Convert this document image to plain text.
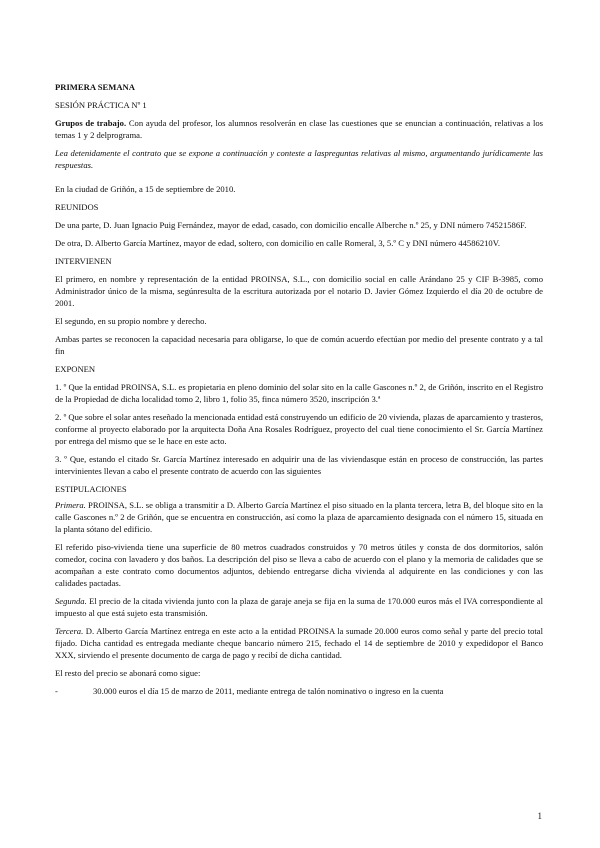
PRIMERA SEMANA

SESIÓN PRÁCTICA Nº 1

Grupos de trabajo. Con ayuda del profesor, los alumnos resolverán en clase las cuestiones que se enuncian a continuación, relativas a los temas 1 y 2 delprograma.

Lea detenidamente el contrato que se expone a continuación y conteste a laspreguntas relativas al mismo, argumentando jurídicamente las respuestas.

En la ciudad de Griñón, a 15 de septiembre de 2010.

REUNIDOS

De una parte, D. Juan Ignacio Puig Fernández, mayor de edad, casado, con domicilio encalle Alberche n.º 25, y DNI número 74521586F.

De otra, D. Alberto García Martínez, mayor de edad, soltero, con domicilio en calle Romeral, 3, 5.º C y DNI número 44586210V.

INTERVIENEN

El primero, en nombre y representación de la entidad PROINSA, S.L., con domicilio social en calle Arándano 25 y CIF B-3985, como Administrador único de la misma, segúnresulta de la escritura autorizada por el notario D. Javier Gómez Izquierdo el día 20 de octubre de 2001.

El segundo, en su propio nombre y derecho.

Ambas partes se reconocen la capacidad necesaria para obligarse, lo que de común acuerdo efectúan por medio del presente contrato y a tal fin

EXPONEN

1. º Que la entidad PROINSA, S.L. es propietaria en pleno dominio del solar sito en la calle Gascones n.º 2, de Griñón, inscrito en el Registro de la Propiedad de dicha localidad tomo 2, libro 1, folio 35, finca número 3520, inscripción 3.ª

2. º Que sobre el solar antes reseñado la mencionada entidad está construyendo un edificio de 20 vivienda, plazas de aparcamiento y trasteros, conforme al proyecto elaborado por la arquitecta Doña Ana Rosales Rodríguez, proyecto del cual tiene conocimiento el Sr. García Martínez por entrega del mismo que se le hace en este acto.

3. º Que, estando el citado Sr. García Martínez interesado en adquirir una de las viviendasque están en proceso de construcción, las partes intervinientes llevan a cabo el presente contrato de acuerdo con las siguientes

ESTIPULACIONES

Primera. PROINSA, S.L. se obliga a transmitir a D. Alberto García Martínez el piso situado en la planta tercera, letra B, del bloque sito en la calle Gascones n.º 2 de Griñón, que se encuentra en construcción, así como la plaza de aparcamiento designada con el número 15, situada en la planta sótano del edificio.

El referido piso-vivienda tiene una superficie de 80 metros cuadrados construidos y 70 metros útiles y consta de dos dormitorios, salón comedor, cocina con lavadero y dos baños. La descripción del piso se lleva a cabo de acuerdo con el plano y la memoria de calidades que se acompañan a este contrato como documentos adjuntos, debiendo entregarse dicha vivienda al adquirente en las condiciones y con las calidades pactadas.

Segunda. El precio de la citada vivienda junto con la plaza de garaje aneja se fija en la suma de 170.000 euros más el IVA correspondiente al impuesto al que está sujeto esta transmisión.

Tercera. D. Alberto García Martínez entrega en este acto a la entidad PROINSA la sumade 20.000 euros como señal y parte del precio total fijado. Dicha cantidad es entregada mediante cheque bancario número 215, fechado el 14 de septiembre de 2010 y expedidopor el Banco XXX, sirviendo el presente documento de carga de pago y recibí de dicha cantidad.

El resto del precio se abonará como sigue:

-	30.000 euros el día 15 de marzo de 2011, mediante entrega de talón nominativo o ingreso en la cuenta
1
